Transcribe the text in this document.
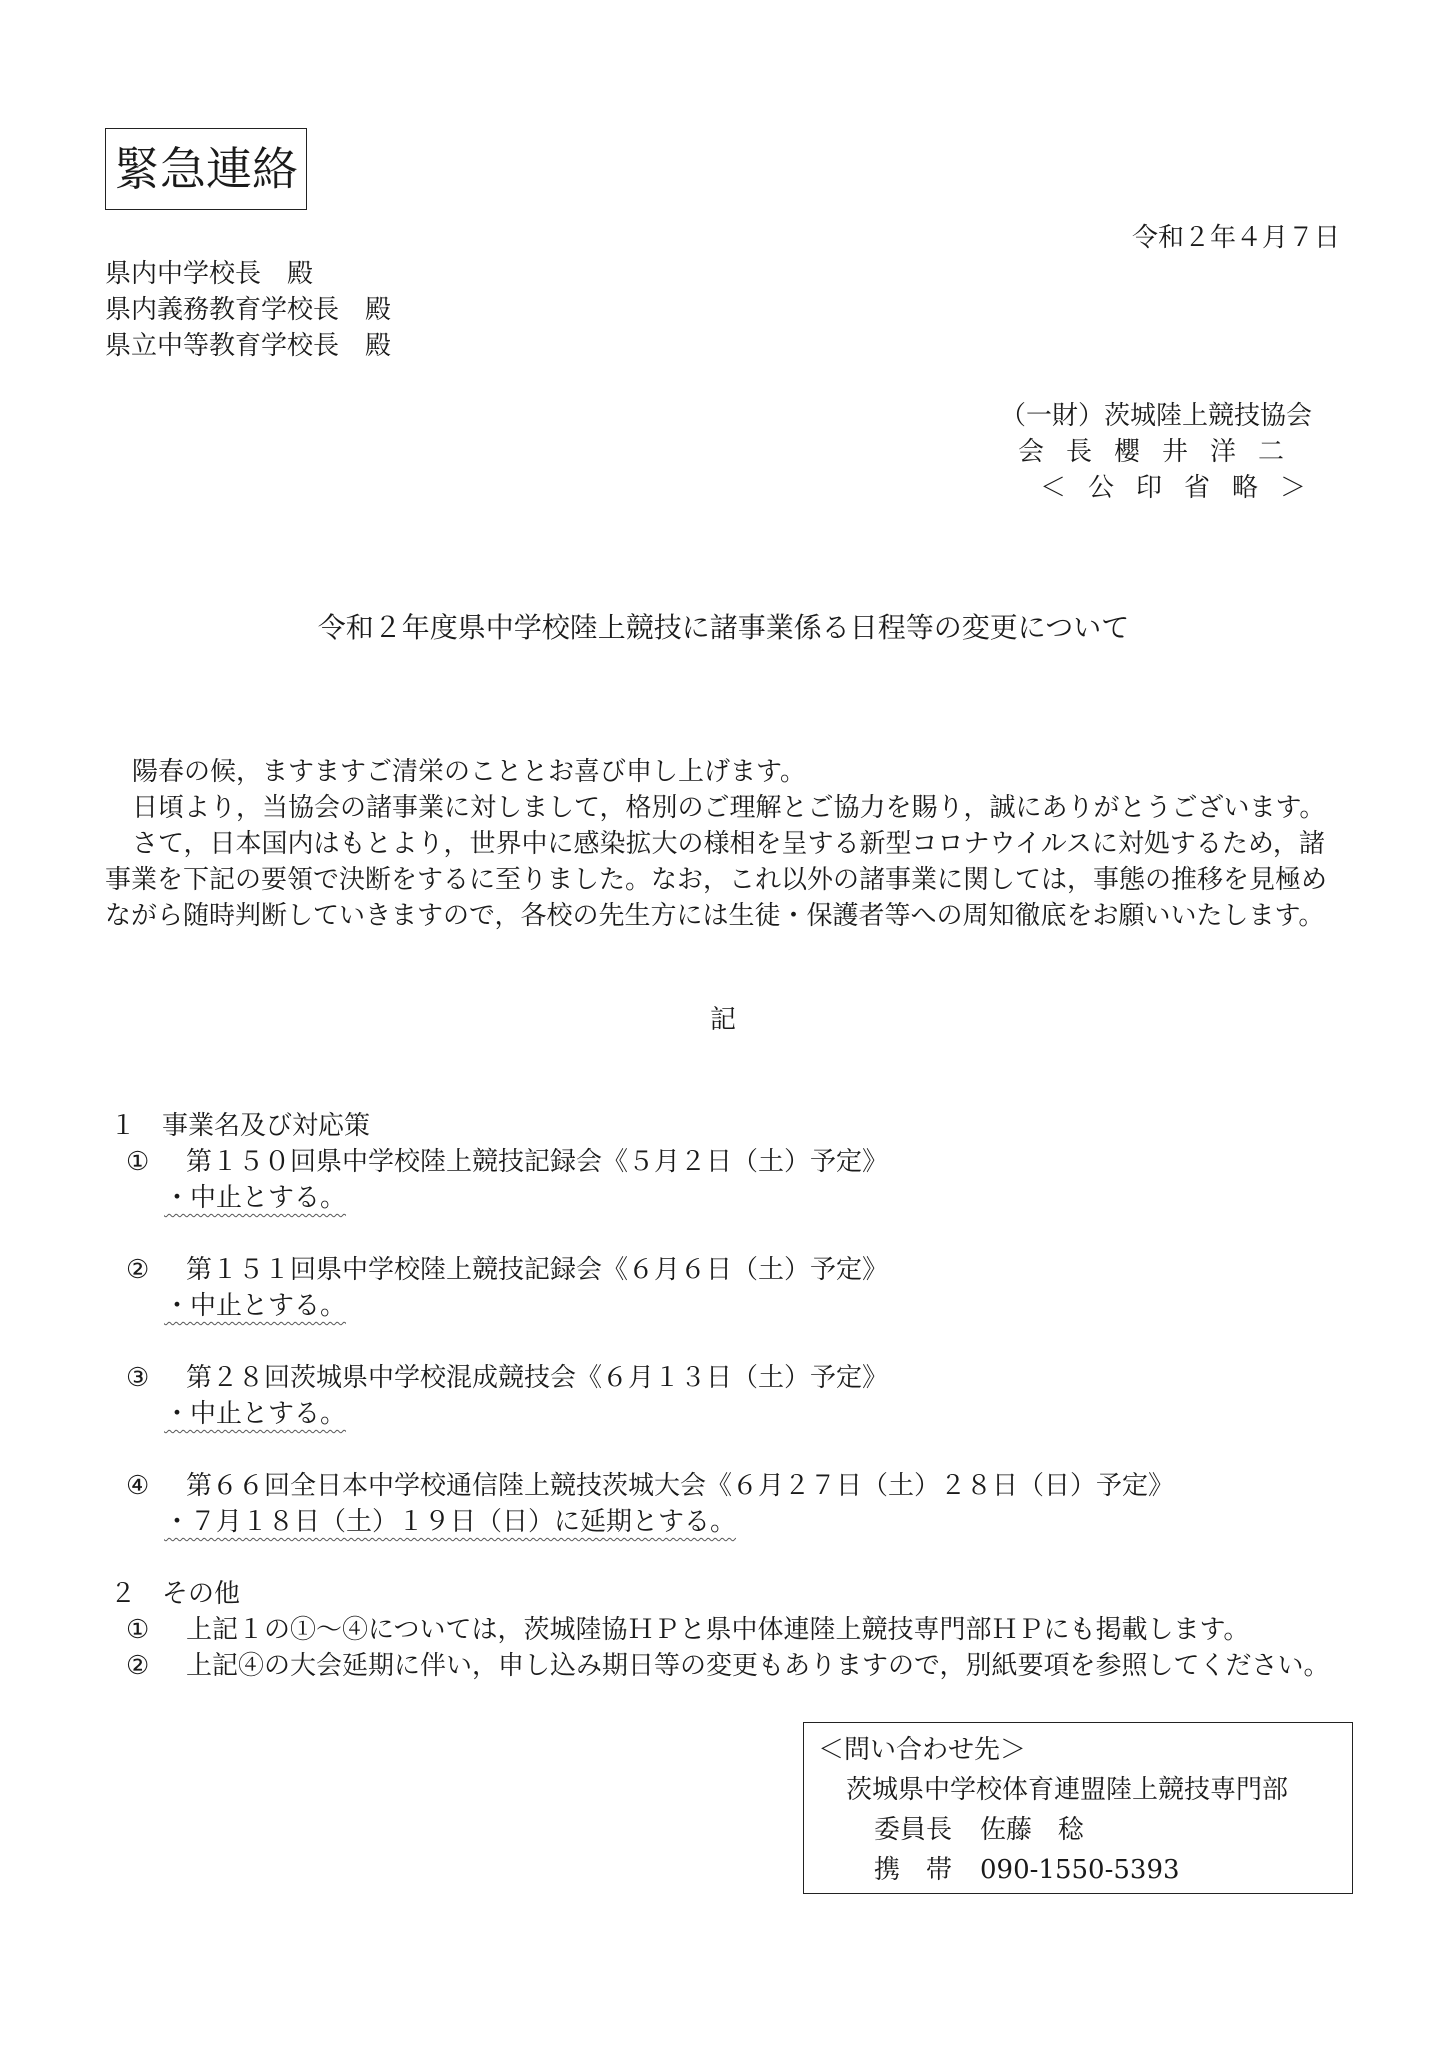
緊急連絡
令和２年４月７日
県内中学校長　殿
県内義務教育学校長　殿
県立中等教育学校長　殿
（一財）茨城陸上競技協会
会長櫻井洋二
＜公印省略＞
令和２年度県中学校陸上競技に諸事業係る日程等の変更について
陽春の候，ますますご清栄のこととお喜び申し上げます。
日頃より，当協会の諸事業に対しまして，格別のご理解とご協力を賜り，誠にありがとうございます。
さて，日本国内はもとより，世界中に感染拡大の様相を呈する新型コロナウイルスに対処するため，諸
事業を下記の要領で決断をするに至りました。なお，これ以外の諸事業に関しては，事態の推移を見極め
ながら随時判断していきますので，各校の先生方には生徒・保護者等への周知徹底をお願いいたします。
記
１　事業名及び対応策
① 第１５０回県中学校陸上競技記録会《５月２日（土）予定》
・中止とする。
② 第１５１回県中学校陸上競技記録会《６月６日（土）予定》
・中止とする。
③ 第２８回茨城県中学校混成競技会《６月１３日（土）予定》
・中止とする。
④ 第６６回全日本中学校通信陸上競技茨城大会《６月２７日（土）２８日（日）予定》
・７月１８日（土）１９日（日）に延期とする。
２　その他
① 上記１の①～④については，茨城陸協ＨＰと県中体連陸上競技専門部ＨＰにも掲載します。
② 上記④の大会延期に伴い，申し込み期日等の変更もありますので，別紙要項を参照してください。
＜問い合わせ先＞
茨城県中学校体育連盟陸上競技専門部
委員長 佐藤　稔
携　帯 090-1550-5393
